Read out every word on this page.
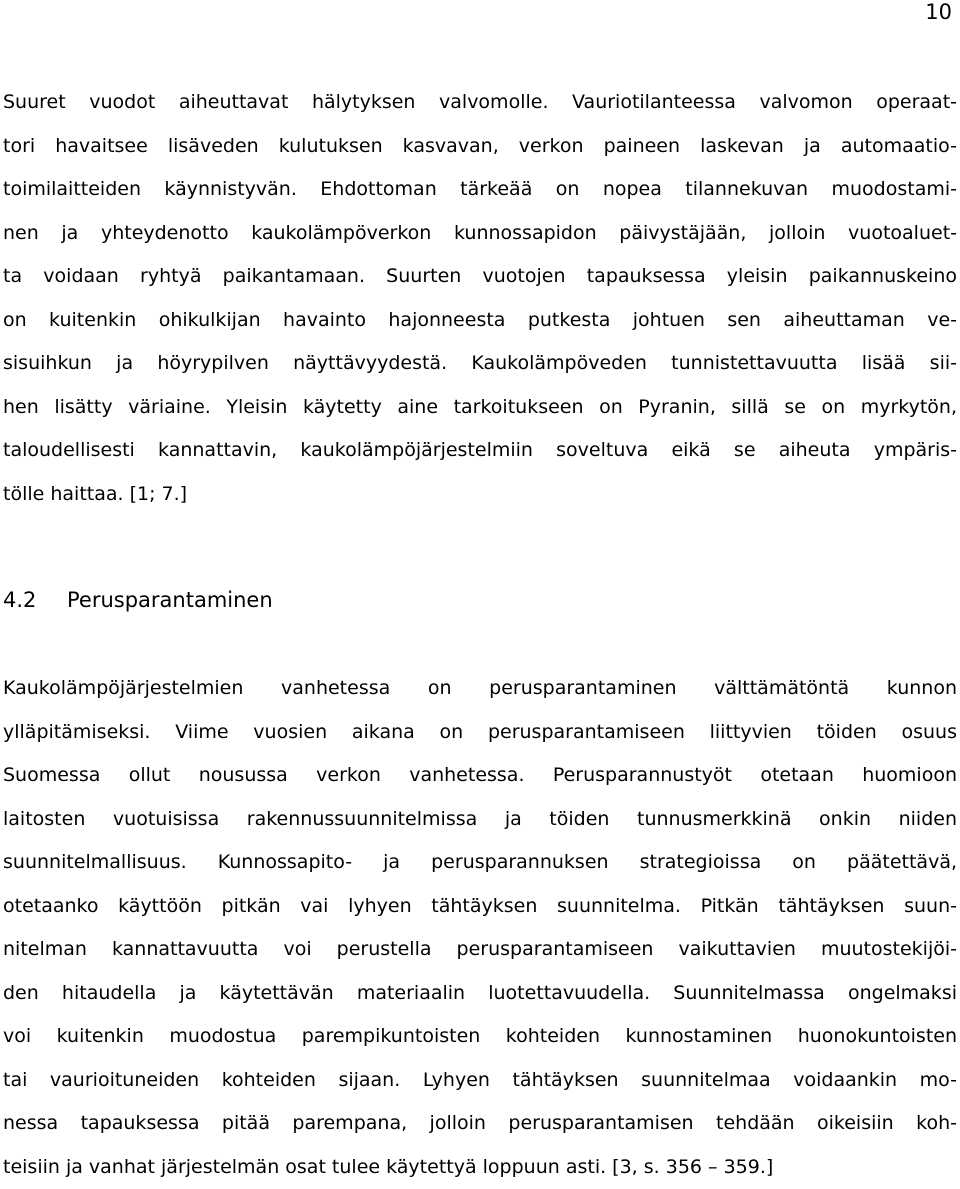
10
Suuret vuodot aiheuttavat hälytyksen valvomolle. Vauriotilanteessa valvomon operaat-
tori havaitsee lisäveden kulutuksen kasvavan, verkon paineen laskevan ja automaatio-
toimilaitteiden käynnistyvän. Ehdottoman tärkeää on nopea tilannekuvan muodostami-
nen ja yhteydenotto kaukolämpöverkon kunnossapidon päivystäjään, jolloin vuotoaluet-
ta voidaan ryhtyä paikantamaan. Suurten vuotojen tapauksessa yleisin paikannuskeino
on kuitenkin ohikulkijan havainto hajonneesta putkesta johtuen sen aiheuttaman ve-
sisuihkun ja höyrypilven näyttävyydestä. Kaukolämpöveden tunnistettavuutta lisää sii-
hen lisätty väriaine. Yleisin käytetty aine tarkoitukseen on Pyranin, sillä se on myrkytön,
taloudellisesti kannattavin, kaukolämpöjärjestelmiin soveltuva eikä se aiheuta ympäris-
tölle haittaa. [1; 7.]
4.2 Perusparantaminen
Kaukolämpöjärjestelmien vanhetessa on perusparantaminen välttämätöntä kunnon
ylläpitämiseksi. Viime vuosien aikana on perusparantamiseen liittyvien töiden osuus
Suomessa ollut nousussa verkon vanhetessa. Perusparannustyöt otetaan huomioon
laitosten vuotuisissa rakennussuunnitelmissa ja töiden tunnusmerkkinä onkin niiden
suunnitelmallisuus. Kunnossapito- ja perusparannuksen strategioissa on päätettävä,
otetaanko käyttöön pitkän vai lyhyen tähtäyksen suunnitelma. Pitkän tähtäyksen suun-
nitelman kannattavuutta voi perustella perusparantamiseen vaikuttavien muutostekijöi-
den hitaudella ja käytettävän materiaalin luotettavuudella. Suunnitelmassa ongelmaksi
voi kuitenkin muodostua parempikuntoisten kohteiden kunnostaminen huonokuntoisten
tai vaurioituneiden kohteiden sijaan. Lyhyen tähtäyksen suunnitelmaa voidaankin mo-
nessa tapauksessa pitää parempana, jolloin perusparantamisen tehdään oikeisiin koh-
teisiin ja vanhat järjestelmän osat tulee käytettyä loppuun asti. [3, s. 356 – 359.]
